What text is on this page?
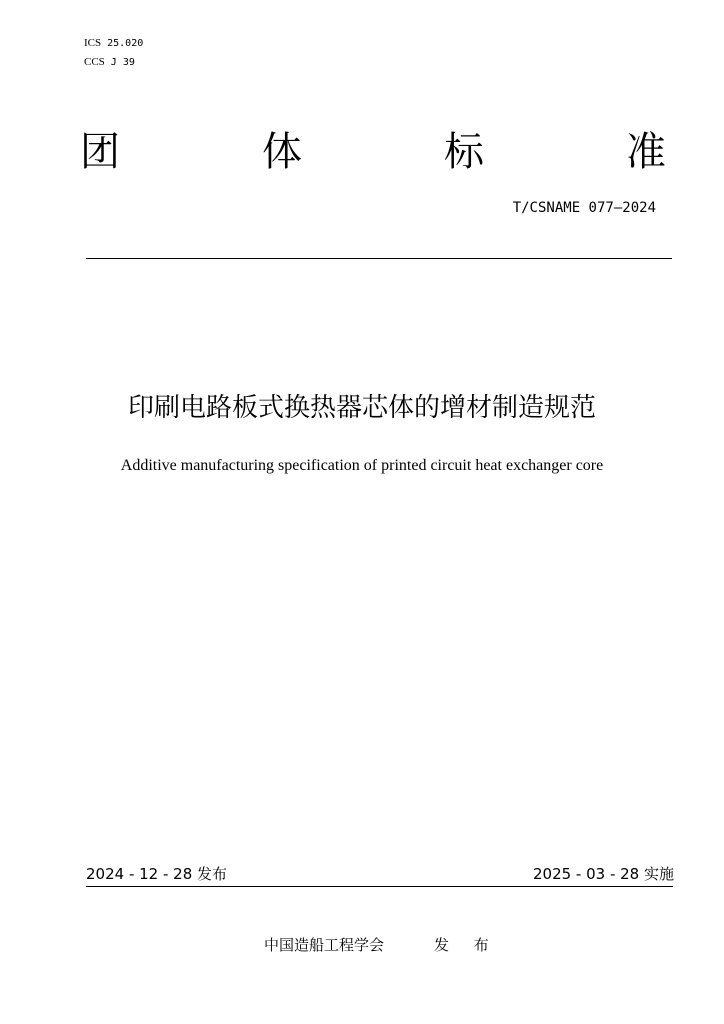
ICS 25.020
CCS J 39
团	体	标	准
T/CSNAME 077—2024
印刷电路板式换热器芯体的增材制造规范
Additive manufacturing specification of printed circuit heat exchanger core
2024 - 12 - 28 发布	2025 - 03 - 28 实施
中国造船工程学会	发 布
